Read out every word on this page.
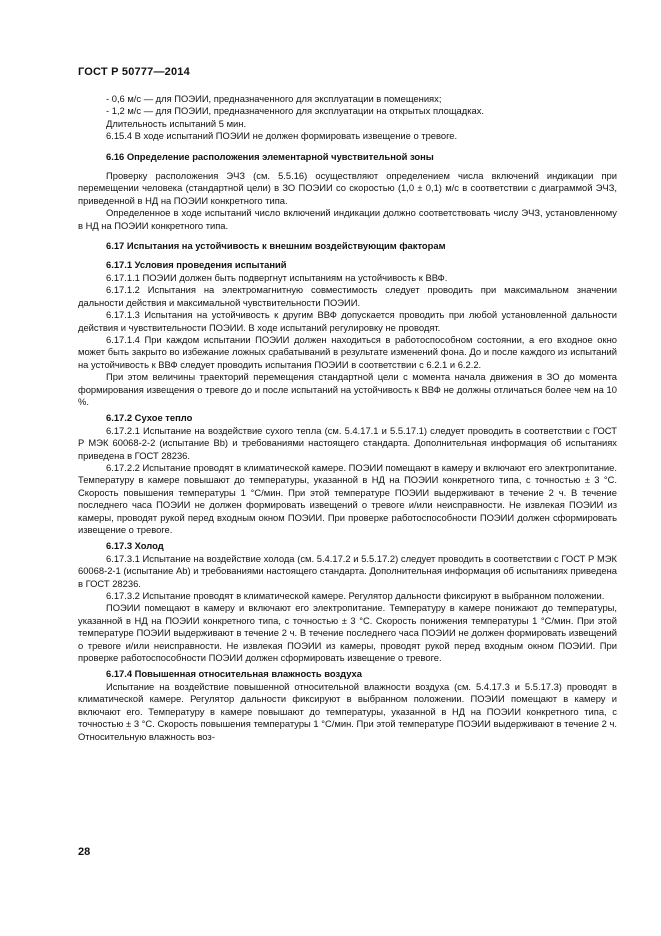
ГОСТ Р 50777—2014

- 0,6 м/с — для ПОЭИИ, предназначенного для эксплуатации в помещениях;

- 1,2 м/с — для ПОЭИИ, предназначенного для эксплуатации на открытых площадках.

Длительность испытаний 5 мин.

6.15.4 В ходе испытаний ПОЭИИ не должен формировать извещение о тревоге.

6.16 Определение расположения элементарной чувствительной зоны

Проверку расположения ЭЧЗ (см. 5.5.16) осуществляют определением числа включений индикации при перемещении человека (стандартной цели) в ЗО ПОЭИИ со скоростью (1,0 ± 0,1) м/с в соответствии с диаграммой ЭЧЗ, приведенной в НД на ПОЭИИ конкретного типа.

Определенное в ходе испытаний число включений индикации должно соответствовать числу ЭЧЗ, установленному в НД на ПОЭИИ конкретного типа.

6.17 Испытания на устойчивость к внешним воздействующим факторам

6.17.1 Условия проведения испытаний

6.17.1.1 ПОЭИИ должен быть подвергнут испытаниям на устойчивость к ВВФ.

6.17.1.2 Испытания на электромагнитную совместимость следует проводить при максимальном значении дальности действия и максимальной чувствительности ПОЭИИ.

6.17.1.3 Испытания на устойчивость к другим ВВФ допускается проводить при любой установленной дальности действия и чувствительности ПОЭИИ. В ходе испытаний регулировку не проводят.

6.17.1.4 При каждом испытании ПОЭИИ должен находиться в работоспособном состоянии, а его входное окно может быть закрыто во избежание ложных срабатываний в результате изменений фона. До и после каждого из испытаний на устойчивость к ВВФ следует проводить испытания ПОЭИИ в соответствии с 6.2.1 и 6.2.2.

При этом величины траекторий перемещения стандартной цели с момента начала движения в ЗО до момента формирования извещения о тревоге до и после испытаний на устойчивость к ВВФ не должны отличаться более чем на 10 %.

6.17.2 Сухое тепло

6.17.2.1 Испытание на воздействие сухого тепла (см. 5.4.17.1 и 5.5.17.1) следует проводить в соответствии с ГОСТ Р МЭК 60068-2-2 (испытание Bb) и требованиями настоящего стандарта. Дополнительная информация об испытаниях приведена в ГОСТ 28236.

6.17.2.2 Испытание проводят в климатической камере. ПОЭИИ помещают в камеру и включают его электропитание. Температуру в камере повышают до температуры, указанной в НД на ПОЭИИ конкретного типа, с точностью ± 3 °С. Скорость повышения температуры 1 °С/мин. При этой температуре ПОЭИИ выдерживают в течение 2 ч. В течение последнего часа ПОЭИИ не должен формировать извещений о тревоге и/или неисправности. Не извлекая ПОЭИИ из камеры, проводят рукой перед входным окном ПОЭИИ. При проверке работоспособности ПОЭИИ должен сформировать извещение о тревоге.

6.17.3 Холод

6.17.3.1 Испытание на воздействие холода (см. 5.4.17.2 и 5.5.17.2) следует проводить в соответствии с ГОСТ Р МЭК 60068-2-1 (испытание Ab) и требованиями настоящего стандарта. Дополнительная информация об испытаниях приведена в ГОСТ 28236.

6.17.3.2 Испытание проводят в климатической камере. Регулятор дальности фиксируют в выбранном положении.

ПОЭИИ помещают в камеру и включают его электропитание. Температуру в камере понижают до температуры, указанной в НД на ПОЭИИ конкретного типа, с точностью ± 3 °С. Скорость понижения температуры 1 °С/мин. При этой температуре ПОЭИИ выдерживают в течение 2 ч. В течение последнего часа ПОЭИИ не должен формировать извещений о тревоге и/или неисправности. Не извлекая ПОЭИИ из камеры, проводят рукой перед входным окном ПОЭИИ. При проверке работоспособности ПОЭИИ должен сформировать извещение о тревоге.

6.17.4 Повышенная относительная влажность воздуха

Испытание на воздействие повышенной относительной влажности воздуха (см. 5.4.17.3 и 5.5.17.3) проводят в климатической камере. Регулятор дальности фиксируют в выбранном положении. ПОЭИИ помещают в камеру и включают его. Температуру в камере повышают до температуры, указанной в НД на ПОЭИИ конкретного типа, с точностью ± 3 °С. Скорость повышения температуры 1 °С/мин. При этой температуре ПОЭИИ выдерживают в течение 2 ч. Относительную влажность воз-

28
